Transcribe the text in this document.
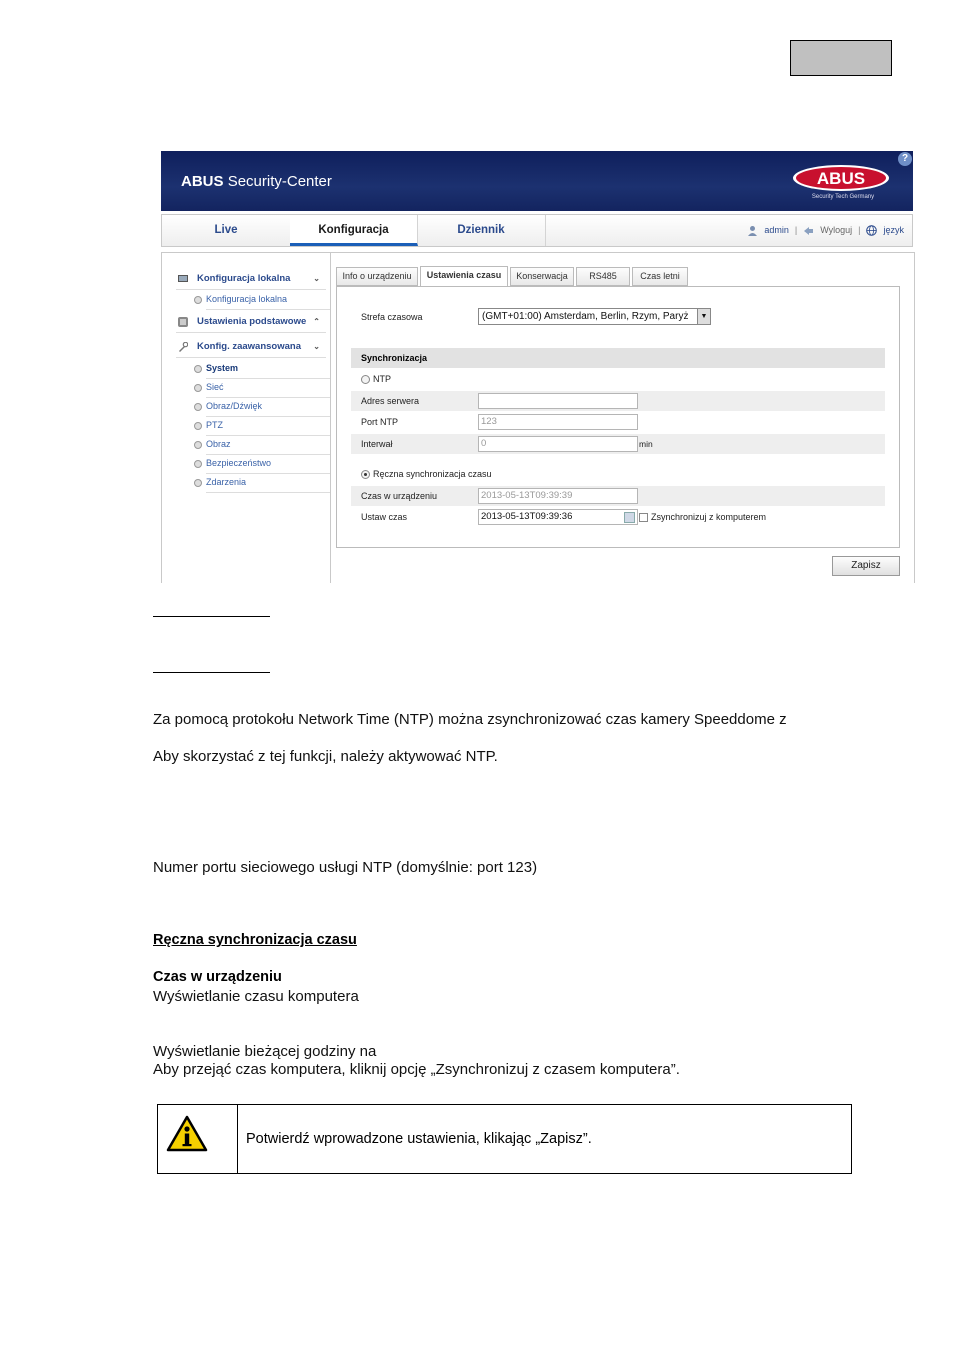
ABUS Security-Center	ABUS
Security Tech Germany
?
Live	Konfiguracja	Dziennik	admin |	Wyloguj |	język
Konfiguracja lokalna	⌄
Konfiguracja lokalna
Ustawienia podstawowe ⌃
Konfig. zaawansowana ⌄
System
Sieć
Obraz/Dźwięk
PTZ
Obraz
Bezpieczeństwo
Zdarzenia
Info o urządzeniu	Ustawienia czasu	Konserwacja	RS485	Czas letni
Strefa czasowa	(GMT+01:00) Amsterdam, Berlin, Rzym, Paryż	▼
Synchronizacja
NTP
Adres serwera
Port NTP	123
Interwał	0	min
Ręczna synchronizacja czasu
Czas w urządzeniu	2013-05-13T09:39:39
Ustaw czas	2013-05-13T09:39:36	Zsynchronizuj z komputerem
Zapisz
Za pomocą protokołu Network Time (NTP) można zsynchronizować czas kamery Speeddome z
Aby skorzystać z tej funkcji, należy aktywować NTP.
Numer portu sieciowego usługi NTP (domyślnie: port 123)
Ręczna synchronizacja czasu
Czas w urządzeniu
Wyświetlanie czasu komputera
Wyświetlanie bieżącej godziny na
Aby przejąć czas komputera, kliknij opcję „Zsynchronizuj z czasem komputera”.
Potwierdź wprowadzone ustawienia, klikając „Zapisz”.
